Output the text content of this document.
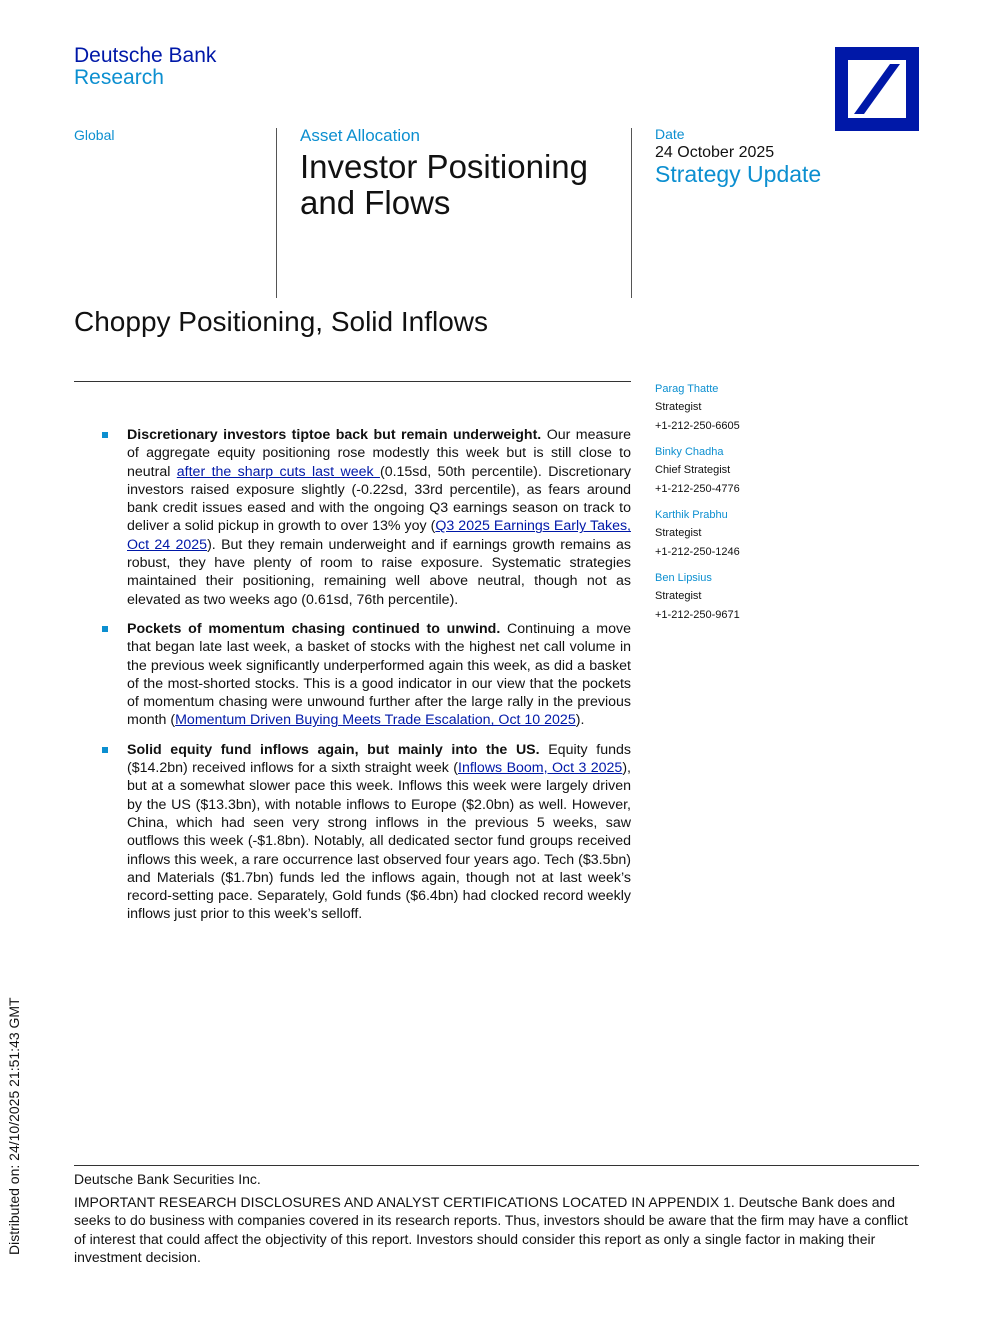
Deutsche Bank
Research
Global	Asset Allocation
Investor Positioning and Flows
Date
24 October 2025
Strategy Update
Choppy Positioning, Solid Inflows
Discretionary investors tiptoe back but remain underweight. Our measure of aggregate equity positioning rose modestly this week but is still close to neutral after the sharp cuts last week (0.15sd, 50th percentile). Discretionary investors raised exposure slightly (-0.22sd, 33rd percentile), as fears around bank credit issues eased and with the ongoing Q3 earnings season on track to deliver a solid pickup in growth to over 13% yoy (Q3 2025 Earnings Early Takes, Oct 24 2025). But they remain underweight and if earnings growth remains as robust, they have plenty of room to raise exposure. Systematic strategies maintained their positioning, remaining well above neutral, though not as elevated as two weeks ago (0.61sd, 76th percentile).
Pockets of momentum chasing continued to unwind. Continuing a move that began late last week, a basket of stocks with the highest net call volume in the previous week significantly underperformed again this week, as did a basket of the most-shorted stocks. This is a good indicator in our view that the pockets of momentum chasing were unwound further after the large rally in the previous month (Momentum Driven Buying Meets Trade Escalation, Oct 10 2025).
Solid equity fund inflows again, but mainly into the US. Equity funds ($14.2bn) received inflows for a sixth straight week (Inflows Boom, Oct 3 2025), but at a somewhat slower pace this week. Inflows this week were largely driven by the US ($13.3bn), with notable inflows to Europe ($2.0bn) as well. However, China, which had seen very strong inflows in the previous 5 weeks, saw outflows this week (-$1.8bn). Notably, all dedicated sector fund groups received inflows this week, a rare occurrence last observed four years ago. Tech ($3.5bn) and Materials ($1.7bn) funds led the inflows again, though not at last week’s record-setting pace. Separately, Gold funds ($6.4bn) had clocked record weekly inflows just prior to this week’s selloff.
Parag Thatte
Strategist
+1-212-250-6605
Binky Chadha
Chief Strategist
+1-212-250-4776
Karthik Prabhu
Strategist
+1-212-250-1246
Ben Lipsius
Strategist
+1-212-250-9671
Distributed on: 24/10/2025 21:51:43 GMT	Deutsche Bank Securities Inc.
IMPORTANT RESEARCH DISCLOSURES AND ANALYST CERTIFICATIONS LOCATED IN APPENDIX 1. Deutsche Bank does and seeks to do business with companies covered in its research reports. Thus, investors should be aware that the firm may have a conflict of interest that could affect the objectivity of this report. Investors should consider this report as only a single factor in making their investment decision.
